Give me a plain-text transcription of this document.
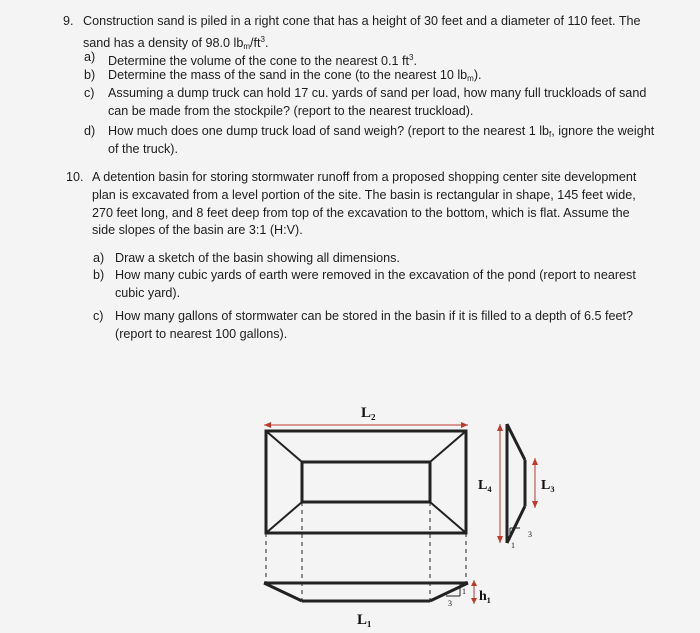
9. Construction sand is piled in a right cone that has a height of 30 feet and a diameter of 110 feet. The
sand has a density of 98.0 $lb_m/ft^3$.
a) Determine the volume of the cone to the nearest 0.1 $ft^3$.
b) Determine the mass of the sand in the cone (to the nearest 10 $lb_m$).
c) Assuming a dump truck can hold 17 cu. yards of sand per load, how many full truckloads of sand
can be made from the stockpile? (report to the nearest truckload).
d) How much does one dump truck load of sand weigh? (report to the nearest 1 $lb_f$, ignore the weight
of the truck).
10. A detention basin for storing stormwater runoff from a proposed shopping center site development
plan is excavated from a level portion of the site. The basin is rectangular in shape, 145 feet wide,
270 feet long, and 8 feet deep from top of the excavation to the bottom, which is flat. Assume the
side slopes of the basin are 3:1 (H:V).
a) Draw a sketch of the basin showing all dimensions.
b) How many cubic yards of earth were removed in the excavation of the pond (report to nearest
cubic yard).
c) How many gallons of stormwater can be stored in the basin if it is filled to a depth of 6.5 feet?
(report to nearest 100 gallons).
L₂
L₁
L₄	L₃
h₁
1
3
1
3
